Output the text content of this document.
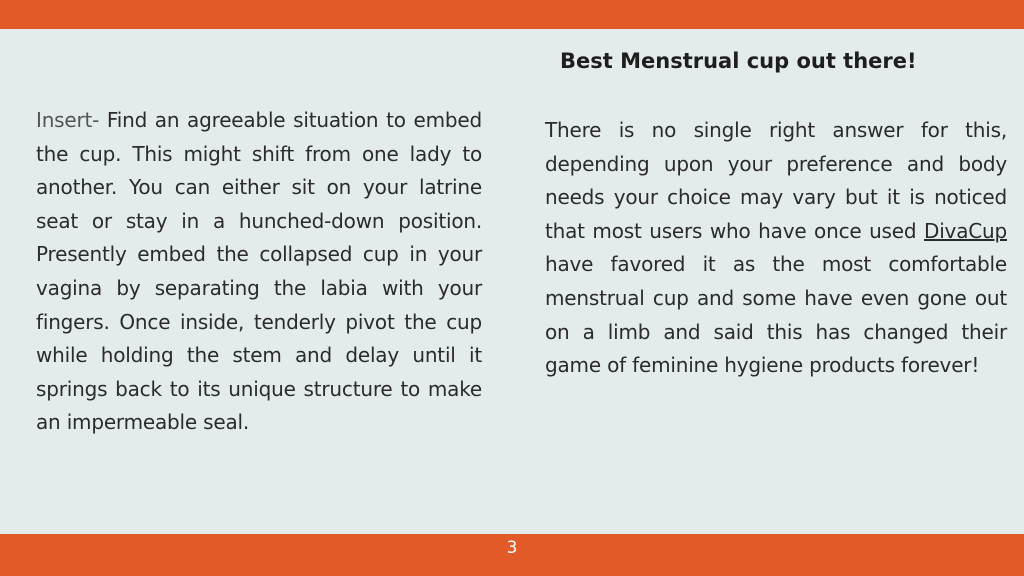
Best Menstrual cup out there!
Insert- Find an agreeable situation to embed the cup. This might shift from one lady to another. You can either sit on your latrine seat or stay in a hunched-down position. Presently embed the collapsed cup in your vagina by separating the labia with your fingers. Once inside, tenderly pivot the cup while holding the stem and delay until it springs back to its unique structure to make an impermeable seal.
There is no single right answer for this, depending upon your preference and body needs your choice may vary but it is noticed that most users who have once used DivaCup have favored it as the most comfortable menstrual cup and some have even gone out on a limb and said this has changed their game of feminine hygiene products forever!
3
